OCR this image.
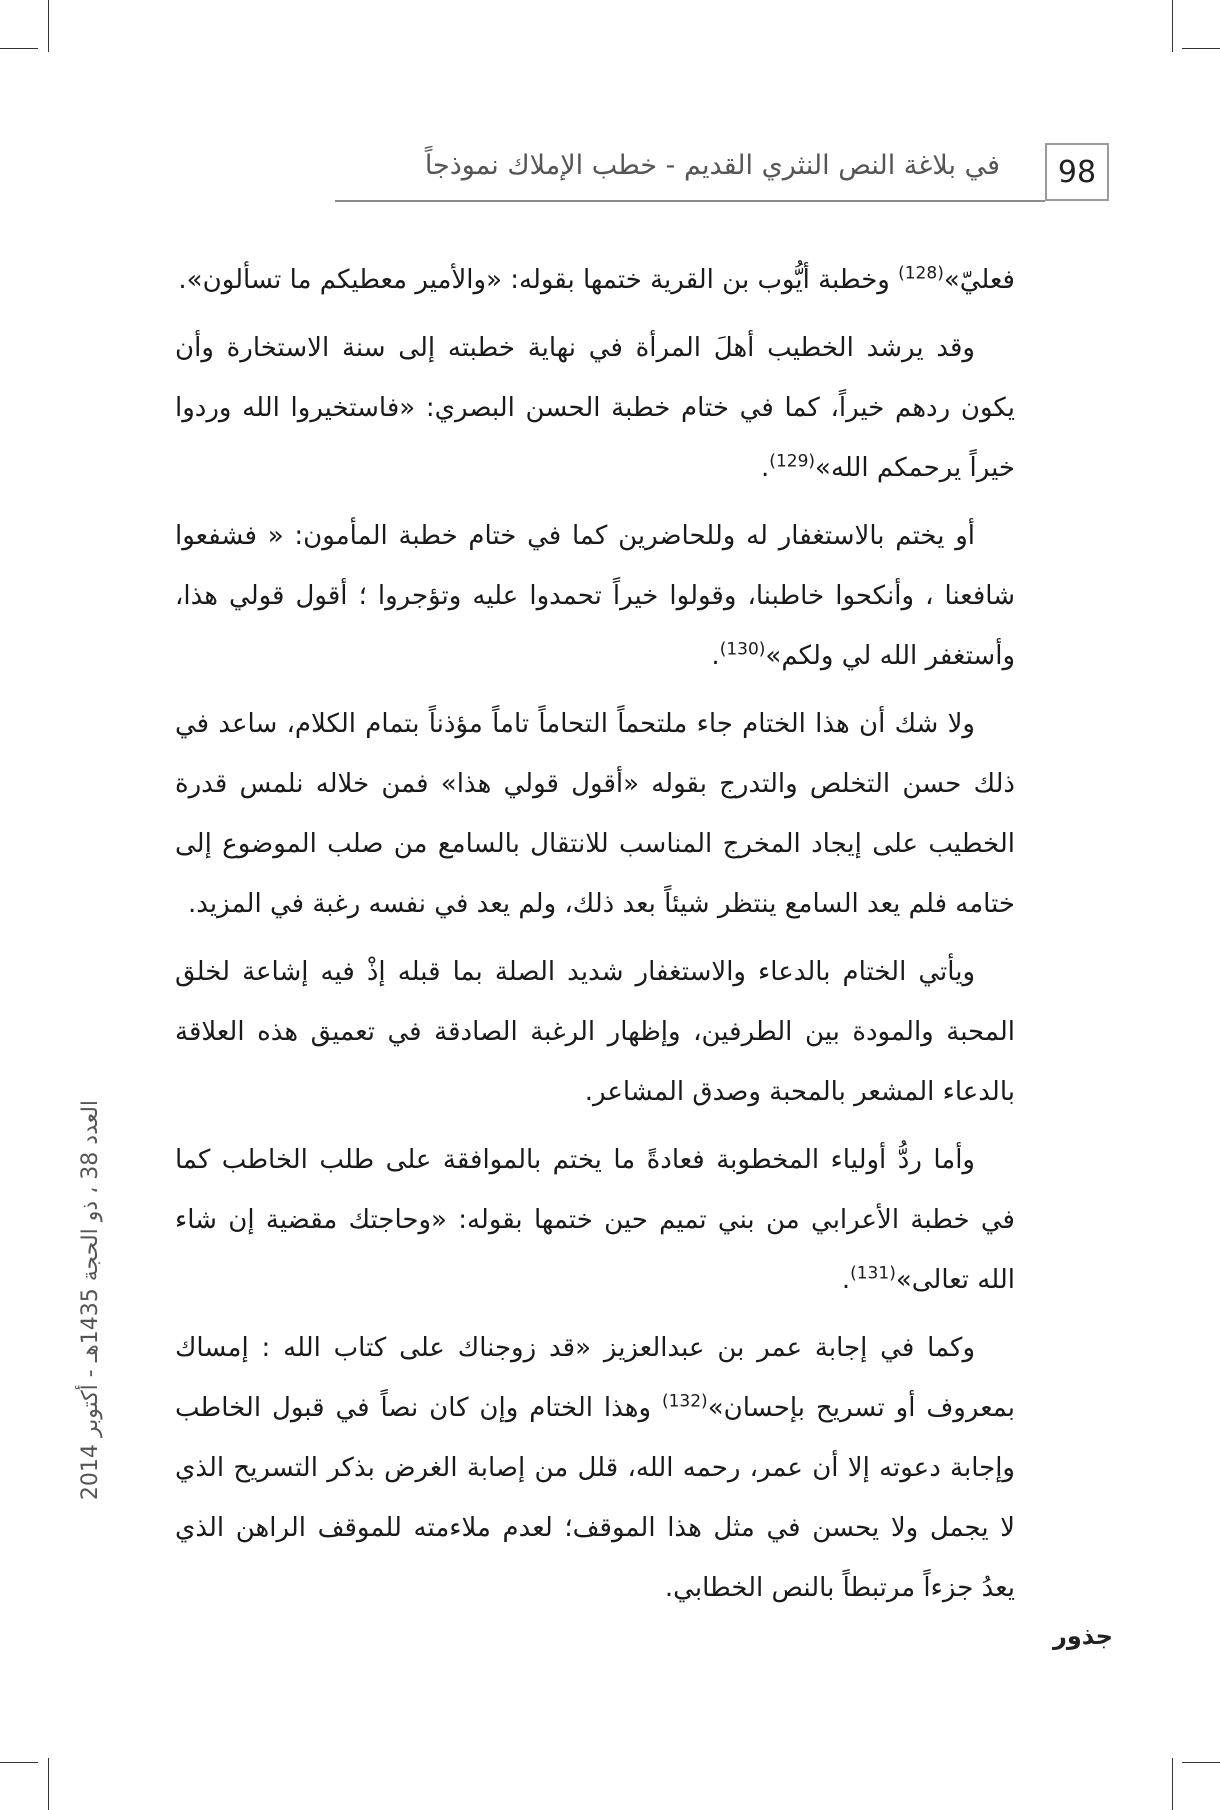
98
في بلاغة النص النثري القديم - خطب الإملاك نموذجاً

فعليّ»$^{(128)}$ وخطبة أيُّوب بن القرية ختمها بقوله: «والأمير معطيكم ما تسألون».

وقد يرشد الخطيب أهلَ المرأة في نهاية خطبته إلى سنة الاستخارة وأن يكون ردهم خيراً، كما في ختام خطبة الحسن البصري: «فاستخيروا الله وردوا خيراً يرحمكم الله»$^{(129)}$.

أو يختم بالاستغفار له وللحاضرين كما في ختام خطبة المأمون: « فشفعوا شافعنا ، وأنكحوا خاطبنا، وقولوا خيراً تحمدوا عليه وتؤجروا ؛ أقول قولي هذا، وأستغفر الله لي ولكم»$^{(130)}$.

ولا شك أن هذا الختام جاء ملتحماً التحاماً تاماً مؤذناً بتمام الكلام، ساعد في ذلك حسن التخلص والتدرج بقوله «أقول قولي هذا» فمن خلاله نلمس قدرة الخطيب على إيجاد المخرج المناسب للانتقال بالسامع من صلب الموضوع إلى ختامه فلم يعد السامع ينتظر شيئاً بعد ذلك، ولم يعد في نفسه رغبة في المزيد.

ويأتي الختام بالدعاء والاستغفار شديد الصلة بما قبله إذْ فيه إشاعة لخلق المحبة والمودة بين الطرفين، وإظهار الرغبة الصادقة في تعميق هذه العلاقة بالدعاء المشعر بالمحبة وصدق المشاعر.

وأما ردُّ أولياء المخطوبة فعادةً ما يختم بالموافقة على طلب الخاطب كما في خطبة الأعرابي من بني تميم حين ختمها بقوله: «وحاجتك مقضية إن شاء الله تعالى»$^{(131)}$.

وكما في إجابة عمر بن عبدالعزيز «قد زوجناك على كتاب الله : إمساك بمعروف أو تسريح بإحسان»$^{(132)}$ وهذا الختام وإن كان نصاً في قبول الخاطب وإجابة دعوته إلا أن عمر، رحمه الله، قلل من إصابة الغرض بذكر التسريح الذي لا يجمل ولا يحسن في مثل هذا الموقف؛ لعدم ملاءمته للموقف الراهن الذي يعدُ جزءاً مرتبطاً بالنص الخطابي.

العدد 38 ، ذو الحجة 1435هـ - أكتوبر 2014
جذور
